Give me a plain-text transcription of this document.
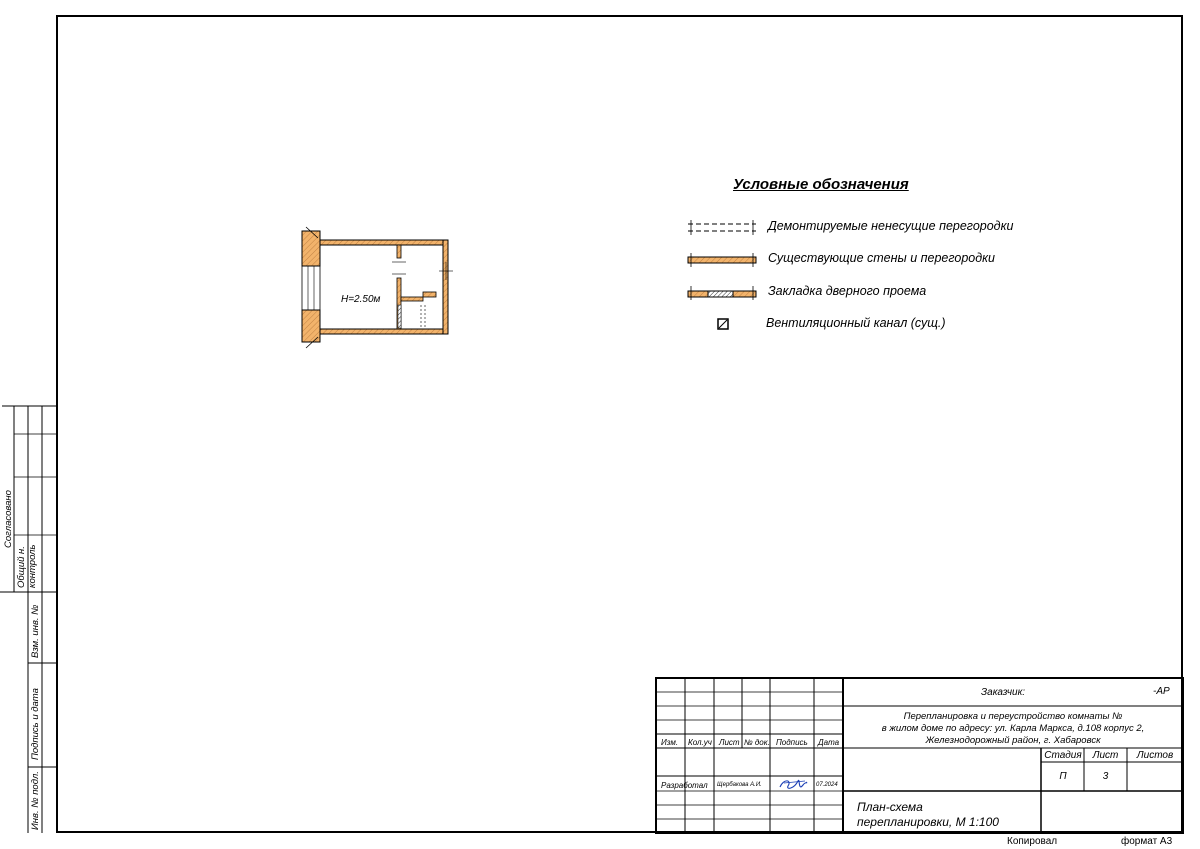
H=2.50м
Условные обозначения
Демонтируемые ненесущие перегородки
Существующие стены и перегородки
Закладка дверного проема
Вентиляционный канал (сущ.)
Согласовано
Общий н. контроль
Взм. инв. №
Подпись и дата
Инв. № подл.
Изм. Кол.уч Лист № док. Подпись Дата
Разработал Щербакова А.И.	07.2024
Заказчик:	-АР
Перепланировка и переустройство комнаты №
в жилом доме по адресу: ул. Карла Маркса, д.108 корпус 2,
Железнодорожный район, г. Хабаровск
Стадия	Лист	Листов
П	3
План-схема
перепланировки, М 1:100
Копировал	формат А3
